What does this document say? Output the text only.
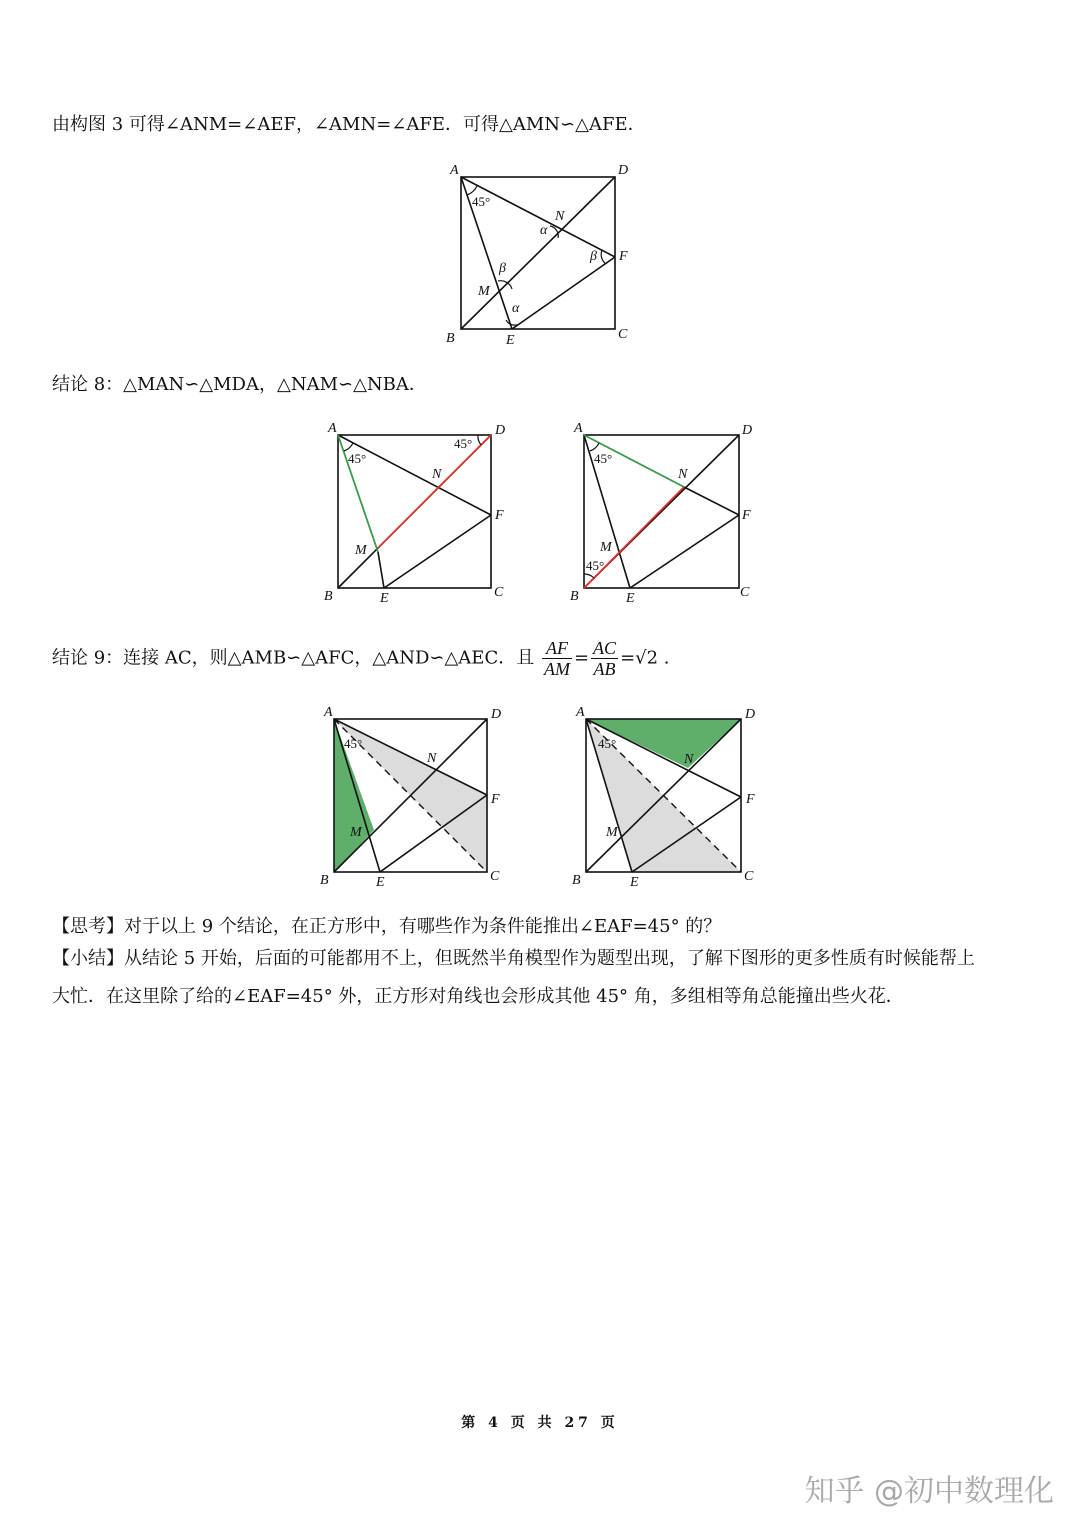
由构图 3 可得∠ANM=∠AEF，∠AMN=∠AFE．可得△AMN∽△AFE．
A	D
B	C
E
F
N
M
45°
α
α
β
β
结论 8：△MAN∽△MDA，△NAM∽△NBA．
A	D
B	C
E
F
N
M
45°
45°
A	D
B	C
E
F
N
M
45°
45°
结论 9：连接 AC，则△AMB∽△AFC，△AND∽△AEC．且 $\frac{AF}{AM} = \frac{AC}{AB} =√2$ .
A	D
B	C
E
F
N
M
45°
A	D
B	C
E
F
N
M
45°
【思考】对于以上 9 个结论，在正方形中，有哪些作为条件能推出∠EAF=45° 的？
【小结】从结论 5 开始，后面的可能都用不上，但既然半角模型作为题型出现，了解下图形的更多性质有时候能帮上
大忙．在这里除了给的∠EAF=45° 外，正方形对角线也会形成其他 45° 角，多组相等角总能撞出些火花．
第 4 页 共 27 页
知乎 @初中数理化
